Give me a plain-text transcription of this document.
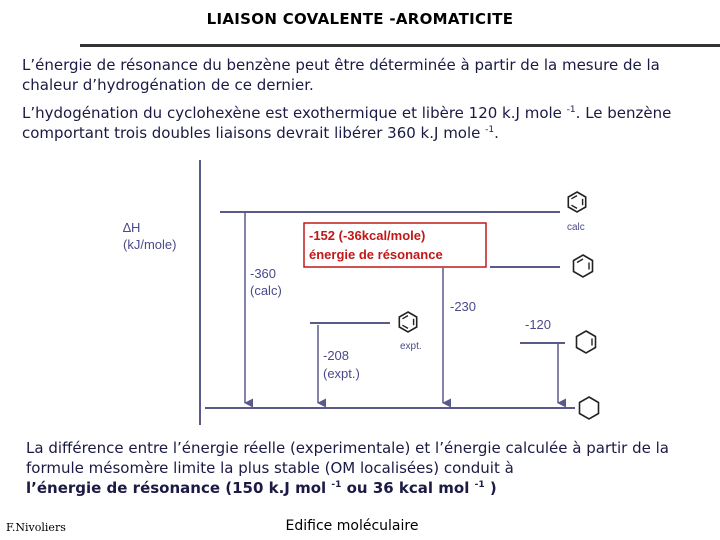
LIAISON COVALENTE -AROMATICITE
L’énergie de résonance du benzène peut être déterminée à partir de la mesure de la chaleur d’hydrogénation de ce dernier.
L’hydogénation du cyclohexène est exothermique et libère 120 k.J mole $^{-1}$. Le benzène comportant trois doubles liaisons devrait libérer 360 k.J mole $^{-1}$.
∆H
(kJ/mole)
-360
(calc)
-208
(expt.)
-152 (-36kcal/mole)
énergie de résonance
-230
-120
calc
expt.
La différence entre l’énergie réelle (experimentale) et l’énergie calculée à partir de la formule mésomère limite la plus stable (OM localisées) conduit à
l’énergie de résonance (150 k.J mol $^{-1}$ ou 36 kcal mol $^{-1}$ )
F.Nivoliers	Edifice moléculaire
